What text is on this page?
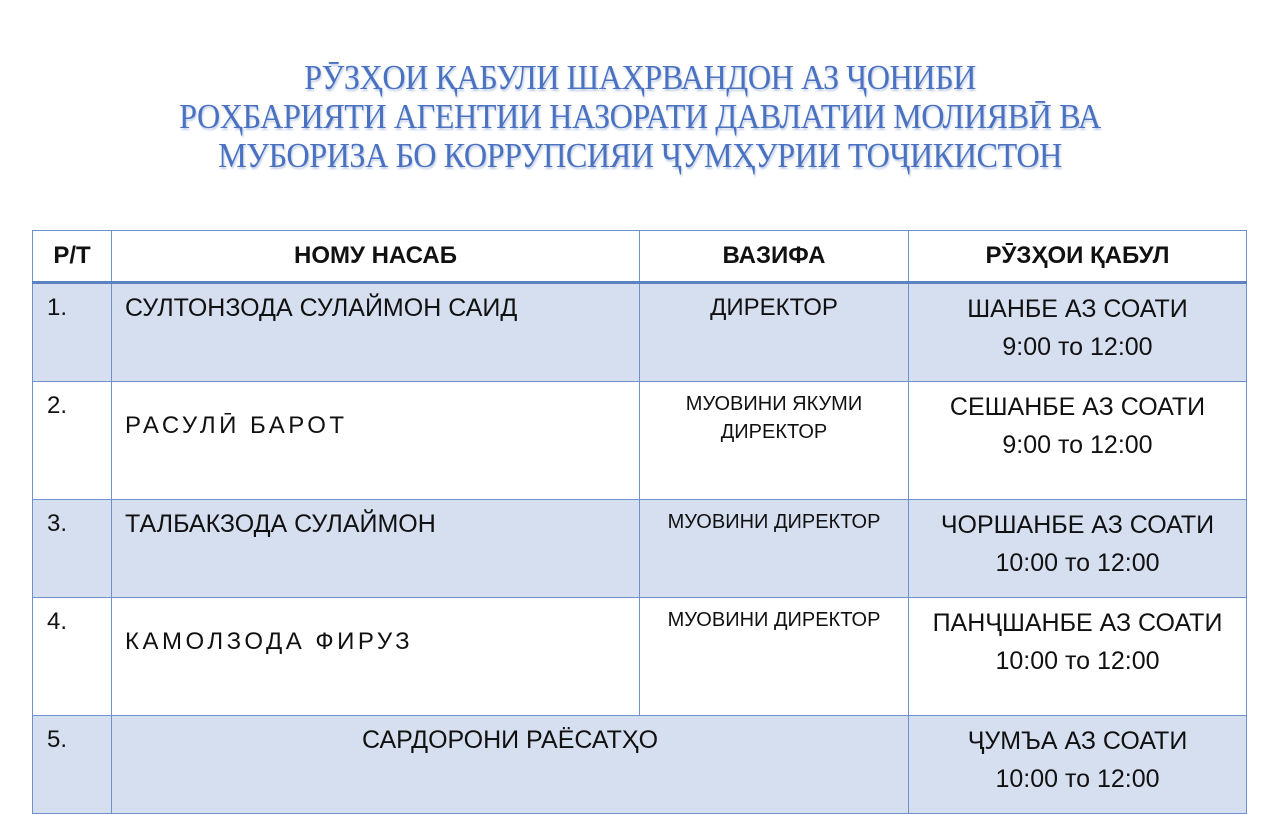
РӮЗҲОИ ҚАБУЛИ ШАҲРВАНДОН АЗ ҶОНИБИ
РОҲБАРИЯТИ АГЕНТИИ НАЗОРАТИ ДАВЛАТИИ МОЛИЯВӢ ВА
МУБОРИЗА БО КОРРУПСИЯИ ҶУМҲУРИИ ТОҶИКИСТОН
Р/Т	НОМУ НАСАБ	ВАЗИФА	РӮЗҲОИ ҚАБУЛ
1.	СУЛТОНЗОДА СУЛАЙМОН САИД	ДИРЕКТОР	ШАНБЕ АЗ СОАТИ
9:00 то 12:00

2.	РАСУЛӢ БАРОТ	МУОВИНИ ЯКУМИ ДИРЕКТОР	СЕШАНБЕ АЗ СОАТИ
9:00 то 12:00

3.	ТАЛБАКЗОДА СУЛАЙМОН	МУОВИНИ ДИРЕКТОР	ЧОРШАНБЕ АЗ СОАТИ
10:00 то 12:00

4.	КАМОЛЗОДА ФИРУЗ	МУОВИНИ ДИРЕКТОР	ПАНҶШАНБЕ АЗ СОАТИ
10:00 то 12:00

5.	САРДОРОНИ РАЁСАТҲО		ҶУМЪА АЗ СОАТИ
10:00 то 12:00
